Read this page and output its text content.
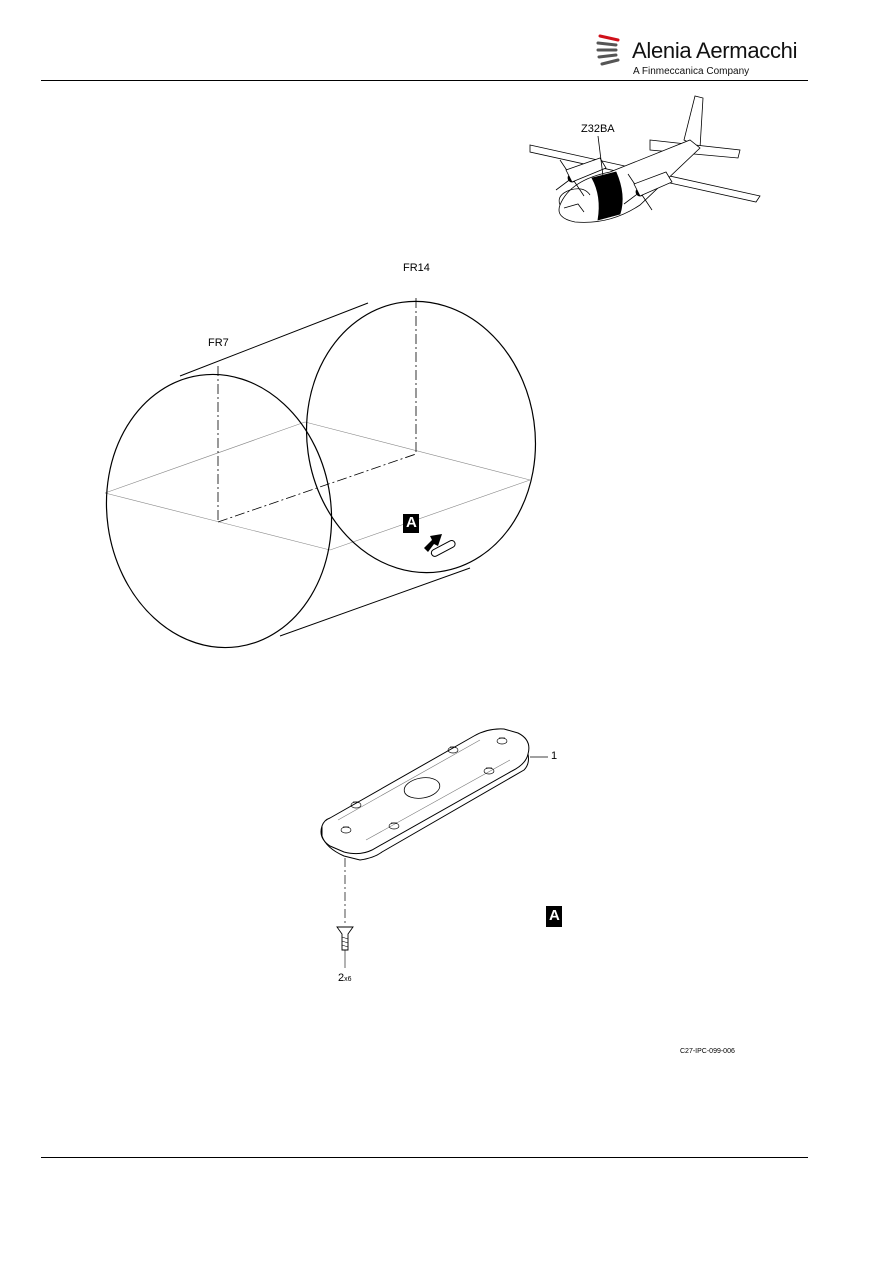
Alenia Aermacchi
A Finmeccanica Company
Z32BA
FR14
FR7
A
A
1
2x6
C27-IPC-099-006
